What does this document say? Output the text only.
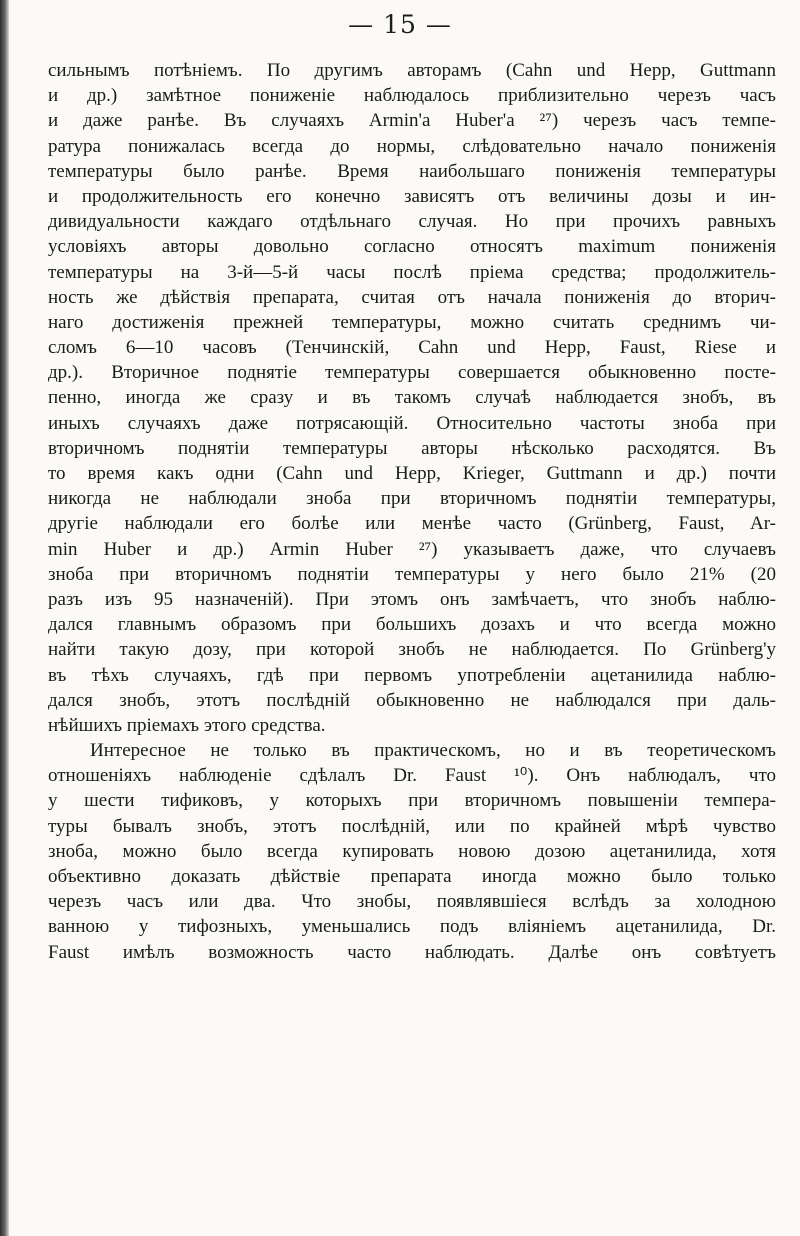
— 15 —
сильнымъ потѣніемъ. По другимъ авторамъ (Cahn und Hepp, Guttmann
и др.) замѣтное пониженіе наблюдалось приблизительно черезъ часъ
и даже ранѣе. Въ случаяхъ Armin'a Huber'a ²⁷) черезъ часъ темпе-
ратура понижалась всегда до нормы, слѣдовательно начало пониженія
температуры было ранѣе. Время наибольшаго пониженія температуры
и продолжительность его конечно зависятъ отъ величины дозы и ин-
дивидуальности каждаго отдѣльнаго случая. Но при прочихъ равныхъ
условіяхъ авторы довольно согласно относятъ maximum пониженія
температуры на 3-й—5-й часы послѣ пріема средства; продолжитель-
ность же дѣйствія препарата, считая отъ начала пониженія до вторич-
наго достиженія прежней температуры, можно считать среднимъ чи-
сломъ 6—10 часовъ (Тенчинскій, Cahn und Hepp, Faust, Riese и
др.). Вторичное поднятіе температуры совершается обыкновенно посте-
пенно, иногда же сразу и въ такомъ случаѣ наблюдается знобъ, въ
иныхъ случаяхъ даже потрясающій. Относительно частоты знобa при
вторичномъ поднятіи температуры авторы нѣсколько расходятся. Въ
то время какъ одни (Cahn und Hepp, Krieger, Guttmann и др.) почти
никогда не наблюдали знобa при вторичномъ поднятіи температуры,
другіе наблюдали его болѣе или менѣе часто (Grünberg, Faust, Ar-
min Huber и др.) Armin Huber ²⁷) указываетъ даже, что случаевъ
знобa при вторичномъ поднятіи температуры у него было 21% (20
разъ изъ 95 назначеній). При этомъ онъ замѣчаетъ, что знобъ наблю-
дался главнымъ образомъ при большихъ дозахъ и что всегда можно
найти такую дозу, при которой знобъ не наблюдается. По Grünberg'у
въ тѣхъ случаяхъ, гдѣ при первомъ употребленіи ацетанилида наблю-
дался знобъ, этотъ послѣдній обыкновенно не наблюдался при даль-
нѣйшихъ пріемахъ этого средства.
Интересное не только въ практическомъ, но и въ теоретическомъ
отношеніяхъ наблюденіе сдѣлалъ Dr. Faust ¹⁰). Онъ наблюдалъ, что
у шести тификовъ, у которыхъ при вторичномъ повышеніи темпера-
туры бывалъ знобъ, этотъ послѣдній, или по крайней мѣрѣ чувство
знобa, можно было всегда купировать новою дозою ацетанилида, хотя
объективно доказать дѣйствіе препарата иногда можно было только
черезъ часъ или два. Что знобы, появлявшіеся вслѣдъ за холодною
ванною у тифозныхъ, уменьшались подъ вліяніемъ ацетанилида, Dr.
Faust имѣлъ возможность часто наблюдать. Далѣе онъ совѣтуетъ
